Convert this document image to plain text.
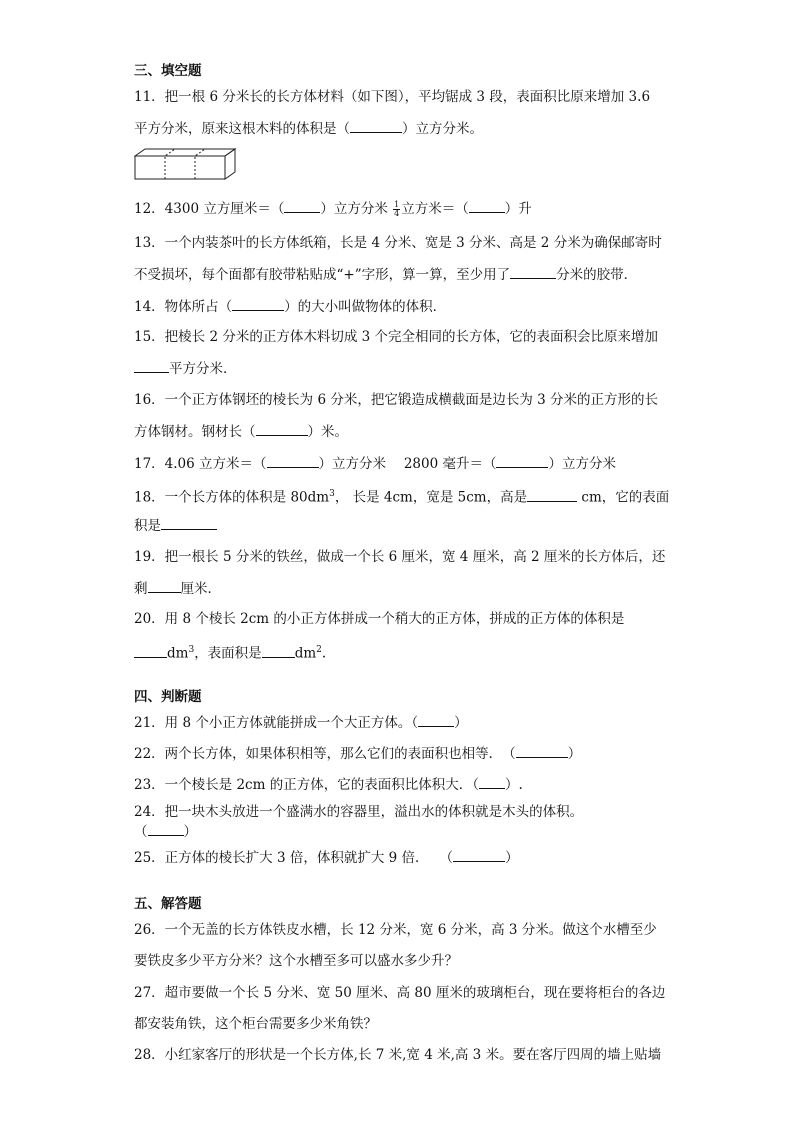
三、填空题
11．把一根 6 分米长的长方体材料（如下图），平均锯成 3 段，表面积比原来增加 3.6
平方分米，原来这根木料的体积是（	）立方分米。
12．4300 立方厘米＝（	）立方分米 $\frac{1}{4}$ 立方米＝（	）升
13．一个内装茶叶的长方体纸箱，长是 4 分米、宽是 3 分米、高是 2 分米为确保邮寄时
不受损坏，每个面都有胶带粘贴成“+”字形，算一算，至少用了	分米的胶带．
14．物体所占（	）的大小叫做物体的体积．
15．把棱长 2 分米的正方体木料切成 3 个完全相同的长方体，它的表面积会比原来增加
平方分米．
16．一个正方体钢坯的棱长为 6 分米，把它锻造成横截面是边长为 3 分米的正方形的长
方体钢材。钢材长（	）米。
17．4.06 立方米＝（	）立方分米　 2800 毫升＝（	）立方分米
18．一个长方体的体积是 $80dm^3$， 长是 4cm，宽是 5cm，高是	cm，它的表面
积是
19．把一根长 5 分米的铁丝，做成一个长 6 厘米，宽 4 厘米，高 2 厘米的长方体后，还
剩 厘米．
20．用 8 个棱长 2cm 的小正方体拼成一个稍大的正方体，拼成的正方体的体积是
$dm^3$，表面积是 $dm^2$.
四、判断题
21．用 8 个小正方体就能拼成一个大正方体。（	）
22．两个长方体，如果体积相等，那么它们的表面积也相等．　（	）
23．一个棱长是 2cm 的正方体，它的表面积比体积大．（ ）.
24．把一块木头放进一个盛满水的容器里，溢出水的体积就是木头的体积。
（	）
25．正方体的棱长扩大 3 倍，体积就扩大 9 倍．　 （	）
五、解答题
26．一个无盖的长方体铁皮水槽，长 12 分米，宽 6 分米，高 3 分米。做这个水槽至少
要铁皮多少平方分米？这个水槽至多可以盛水多少升？
27．超市要做一个长 5 分米、宽 50 厘米、高 80 厘米的玻璃柜台，现在要将柜台的各边
都安装角铁，这个柜台需要多少米角铁？
28．小红家客厅的形状是一个长方体,长 7 米,宽 4 米,高 3 米。要在客厅四周的墙上贴墙
